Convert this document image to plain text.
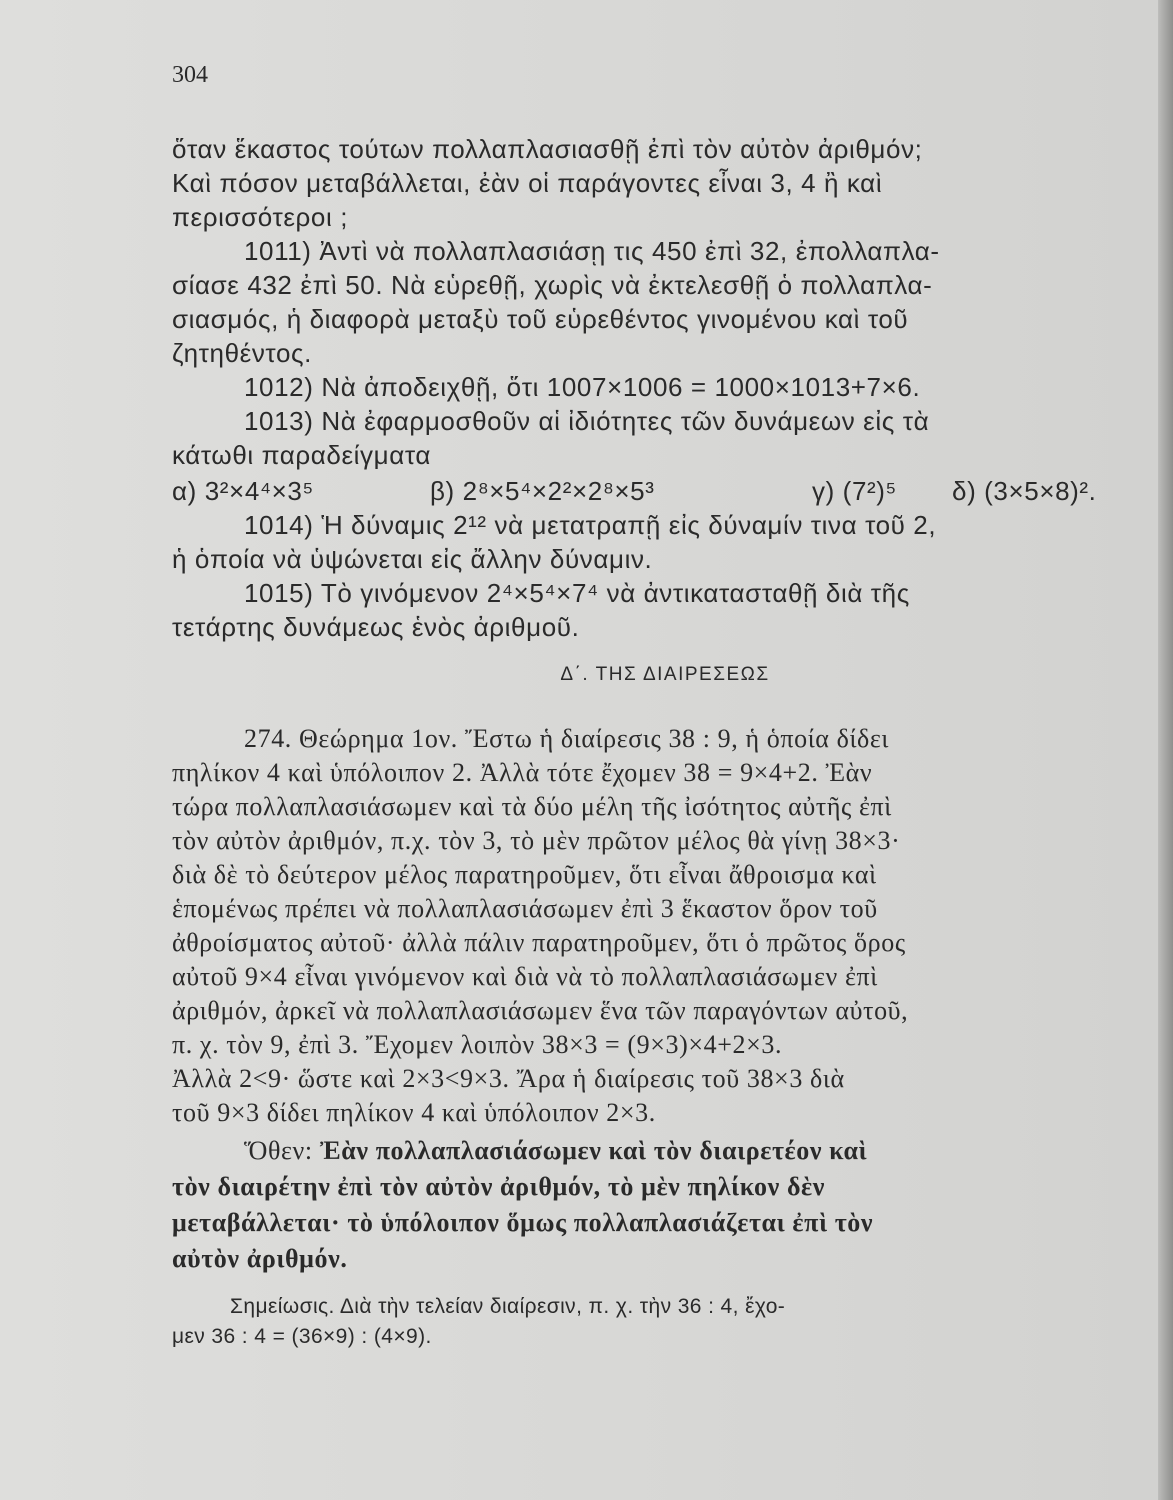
304
ὅταν ἕκαστος τούτων πολλαπλασιασθῇ ἐπὶ τὸν αὐτὸν ἀριθμόν;
Καὶ πόσον μεταβάλλεται, ἐὰν οἱ παράγοντες εἶναι 3, 4 ἢ καὶ
περισσότεροι ;
1011) Ἀντὶ νὰ πολλαπλασιάσῃ τις 450 ἐπὶ 32, ἐπολλαπλα-
σίασε 432 ἐπὶ 50. Νὰ εὑρεθῇ, χωρὶς νὰ ἐκτελεσθῇ ὁ πολλαπλα-
σιασμός, ἡ διαφορὰ μεταξὺ τοῦ εὑρεθέντος γινομένου καὶ τοῦ
ζητηθέντος.
1012) Νὰ ἀποδειχθῇ, ὅτι 1007×1006 = 1000×1013+7×6.
1013) Νὰ ἐφαρμοσθοῦν αἱ ἰδιότητες τῶν δυνάμεων εἰς τὰ
κάτωθι παραδείγματα
α) 3²×4⁴×3⁵	β) 2⁸×5⁴×2²×2⁸×5³	γ) (7²)⁵ δ) (3×5×8)².
1014) Ἡ δύναμις 2¹² νὰ μετατραπῇ εἰς δύναμίν τινα τοῦ 2,
ἡ ὁποία νὰ ὑψώνεται εἰς ἄλλην δύναμιν.
1015) Τὸ γινόμενον 2⁴×5⁴×7⁴ νὰ ἀντικατασταθῇ διὰ τῆς
τετάρτης δυνάμεως ἑνὸς ἀριθμοῦ.
Δ΄. ΤΗΣ ΔΙΑΙΡΕΣΕΩΣ
274. Θεώρημα 1ον. Ἔστω ἡ διαίρεσις 38 : 9, ἡ ὁποία δίδει
πηλίκον 4 καὶ ὑπόλοιπον 2. Ἀλλὰ τότε ἔχομεν 38 = 9×4+2. Ἐὰν
τώρα πολλαπλασιάσωμεν καὶ τὰ δύο μέλη τῆς ἰσότητος αὐτῆς ἐπὶ
τὸν αὐτὸν ἀριθμόν, π.χ. τὸν 3, τὸ μὲν πρῶτον μέλος θὰ γίνῃ 38×3·
διὰ δὲ τὸ δεύτερον μέλος παρατηροῦμεν, ὅτι εἶναι ἄθροισμα καὶ
ἑπομένως πρέπει νὰ πολλαπλασιάσωμεν ἐπὶ 3 ἕκαστον ὅρον τοῦ
ἀθροίσματος αὐτοῦ· ἀλλὰ πάλιν παρατηροῦμεν, ὅτι ὁ πρῶτος ὅρος
αὐτοῦ 9×4 εἶναι γινόμενον καὶ διὰ νὰ τὸ πολλαπλασιάσωμεν ἐπὶ
ἀριθμόν, ἀρκεῖ νὰ πολλαπλασιάσωμεν ἕνα τῶν παραγόντων αὐτοῦ,
π. χ. τὸν 9, ἐπὶ 3. Ἔχομεν λοιπὸν 38×3 = (9×3)×4+2×3.
Ἀλλὰ 2<9· ὥστε καὶ 2×3<9×3. Ἄρα ἡ διαίρεσις τοῦ 38×3 διὰ
τοῦ 9×3 δίδει πηλίκον 4 καὶ ὑπόλοιπον 2×3.
Ὅθεν: Ἐὰν πολλαπλασιάσωμεν καὶ τὸν διαιρετέον καὶ
τὸν διαιρέτην ἐπὶ τὸν αὐτὸν ἀριθμόν, τὸ μὲν πηλίκον δὲν
μεταβάλλεται· τὸ ὑπόλοιπον ὅμως πολλαπλασιάζεται ἐπὶ τὸν
αὐτὸν ἀριθμόν.
Σημείωσις. Διὰ τὴν τελείαν διαίρεσιν, π. χ. τὴν 36 : 4, ἔχο-
μεν 36 : 4 = (36×9) : (4×9).
